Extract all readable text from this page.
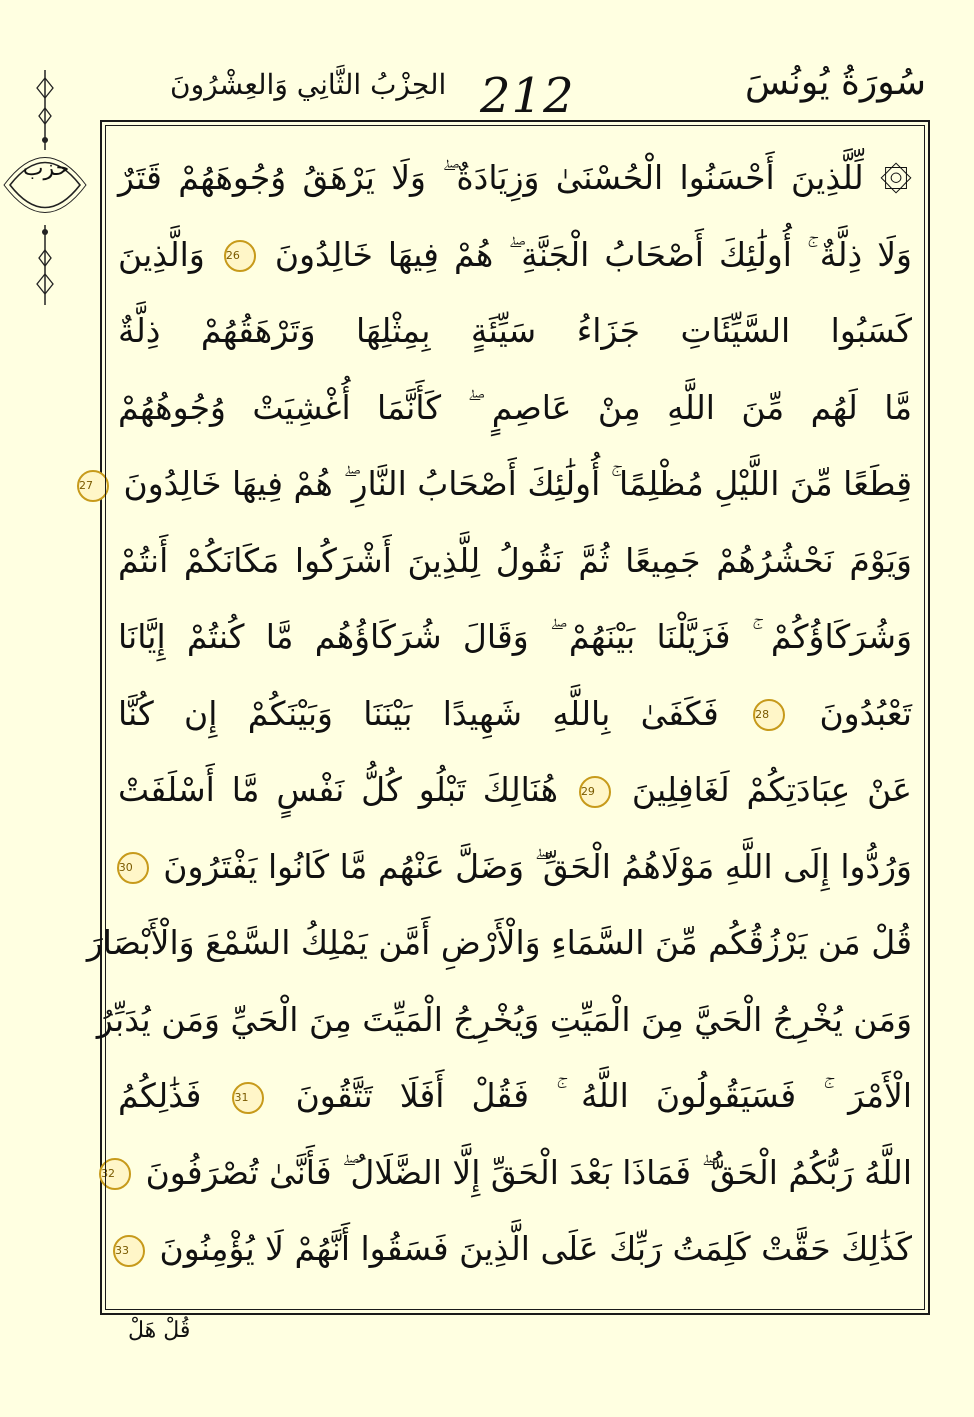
حزب
سُورَةُ يُونُسَ
212
الحِزْبُ الثَّانِي وَالعِشْرُونَ
۞ لِّلَّذِينَ أَحْسَنُوا الْحُسْنَىٰ وَزِيَادَةٌ ۖ وَلَا يَرْهَقُ وُجُوهَهُمْ قَتَرٌ
وَلَا ذِلَّةٌ ۚ أُولَٰئِكَ أَصْحَابُ الْجَنَّةِ ۖ هُمْ فِيهَا خَالِدُونَ 26 وَالَّذِينَ
كَسَبُوا السَّيِّئَاتِ جَزَاءُ سَيِّئَةٍ بِمِثْلِهَا وَتَرْهَقُهُمْ ذِلَّةٌ
مَّا لَهُم مِّنَ اللَّهِ مِنْ عَاصِمٍ ۖ كَأَنَّمَا أُغْشِيَتْ وُجُوهُهُمْ
قِطَعًا مِّنَ اللَّيْلِ مُظْلِمًا ۚ أُولَٰئِكَ أَصْحَابُ النَّارِ ۖ هُمْ فِيهَا خَالِدُونَ 27
وَيَوْمَ نَحْشُرُهُمْ جَمِيعًا ثُمَّ نَقُولُ لِلَّذِينَ أَشْرَكُوا مَكَانَكُمْ أَنتُمْ
وَشُرَكَاؤُكُمْ ۚ فَزَيَّلْنَا بَيْنَهُمْ ۖ وَقَالَ شُرَكَاؤُهُم مَّا كُنتُمْ إِيَّانَا
تَعْبُدُونَ 28 فَكَفَىٰ بِاللَّهِ شَهِيدًا بَيْنَنَا وَبَيْنَكُمْ إِن كُنَّا
عَنْ عِبَادَتِكُمْ لَغَافِلِينَ 29 هُنَالِكَ تَبْلُو كُلُّ نَفْسٍ مَّا أَسْلَفَتْ
وَرُدُّوا إِلَى اللَّهِ مَوْلَاهُمُ الْحَقِّ ۖ وَضَلَّ عَنْهُم مَّا كَانُوا يَفْتَرُونَ 30
قُلْ مَن يَرْزُقُكُم مِّنَ السَّمَاءِ وَالْأَرْضِ أَمَّن يَمْلِكُ السَّمْعَ وَالْأَبْصَارَ
وَمَن يُخْرِجُ الْحَيَّ مِنَ الْمَيِّتِ وَيُخْرِجُ الْمَيِّتَ مِنَ الْحَيِّ وَمَن يُدَبِّرُ
الْأَمْرَ ۚ فَسَيَقُولُونَ اللَّهُ ۚ فَقُلْ أَفَلَا تَتَّقُونَ 31 فَذَٰلِكُمُ
اللَّهُ رَبُّكُمُ الْحَقُّ ۖ فَمَاذَا بَعْدَ الْحَقِّ إِلَّا الضَّلَالُ ۖ فَأَنَّىٰ تُصْرَفُونَ 32
كَذَٰلِكَ حَقَّتْ كَلِمَتُ رَبِّكَ عَلَى الَّذِينَ فَسَقُوا أَنَّهُمْ لَا يُؤْمِنُونَ 33
قُلْ هَلْ
